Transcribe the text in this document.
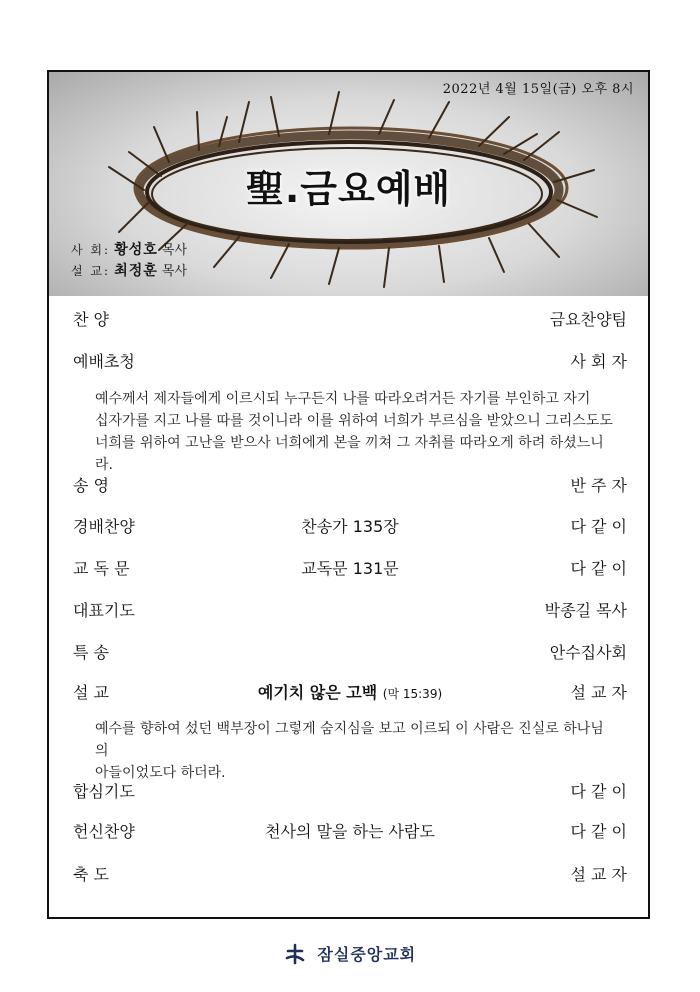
2022년 4월 15일(금) 오후 8시
聖.금요예배
사 회: 황성호 목사
설 교: 최정훈 목사
찬 양	금요찬양팀
예배초청	사 회 자
예수께서 제자들에게 이르시되 누구든지 나를 따라오려거든 자기를 부인하고 자기
십자가를 지고 나를 따를 것이니라 이를 위하여 너희가 부르심을 받았으니 그리스도도
너희를 위하여 고난을 받으사 너희에게 본을 끼쳐 그 자취를 따라오게 하려 하셨느니라.
송 영	반 주 자
경배찬양	찬송가 135장	다 같 이
교 독 문	교독문 131문	다 같 이
대표기도	박종길 목사
특 송	안수집사회
설 교	예기치 않은 고백 (막 15:39)	설 교 자
예수를 향하여 섰던 백부장이 그렇게 숨지심을 보고 이르되 이 사람은 진실로 하나님의
아들이었도다 하더라.
합심기도	다 같 이
헌신찬양	천사의 말을 하는 사람도	다 같 이
축 도	설 교 자
잠실중앙교회
